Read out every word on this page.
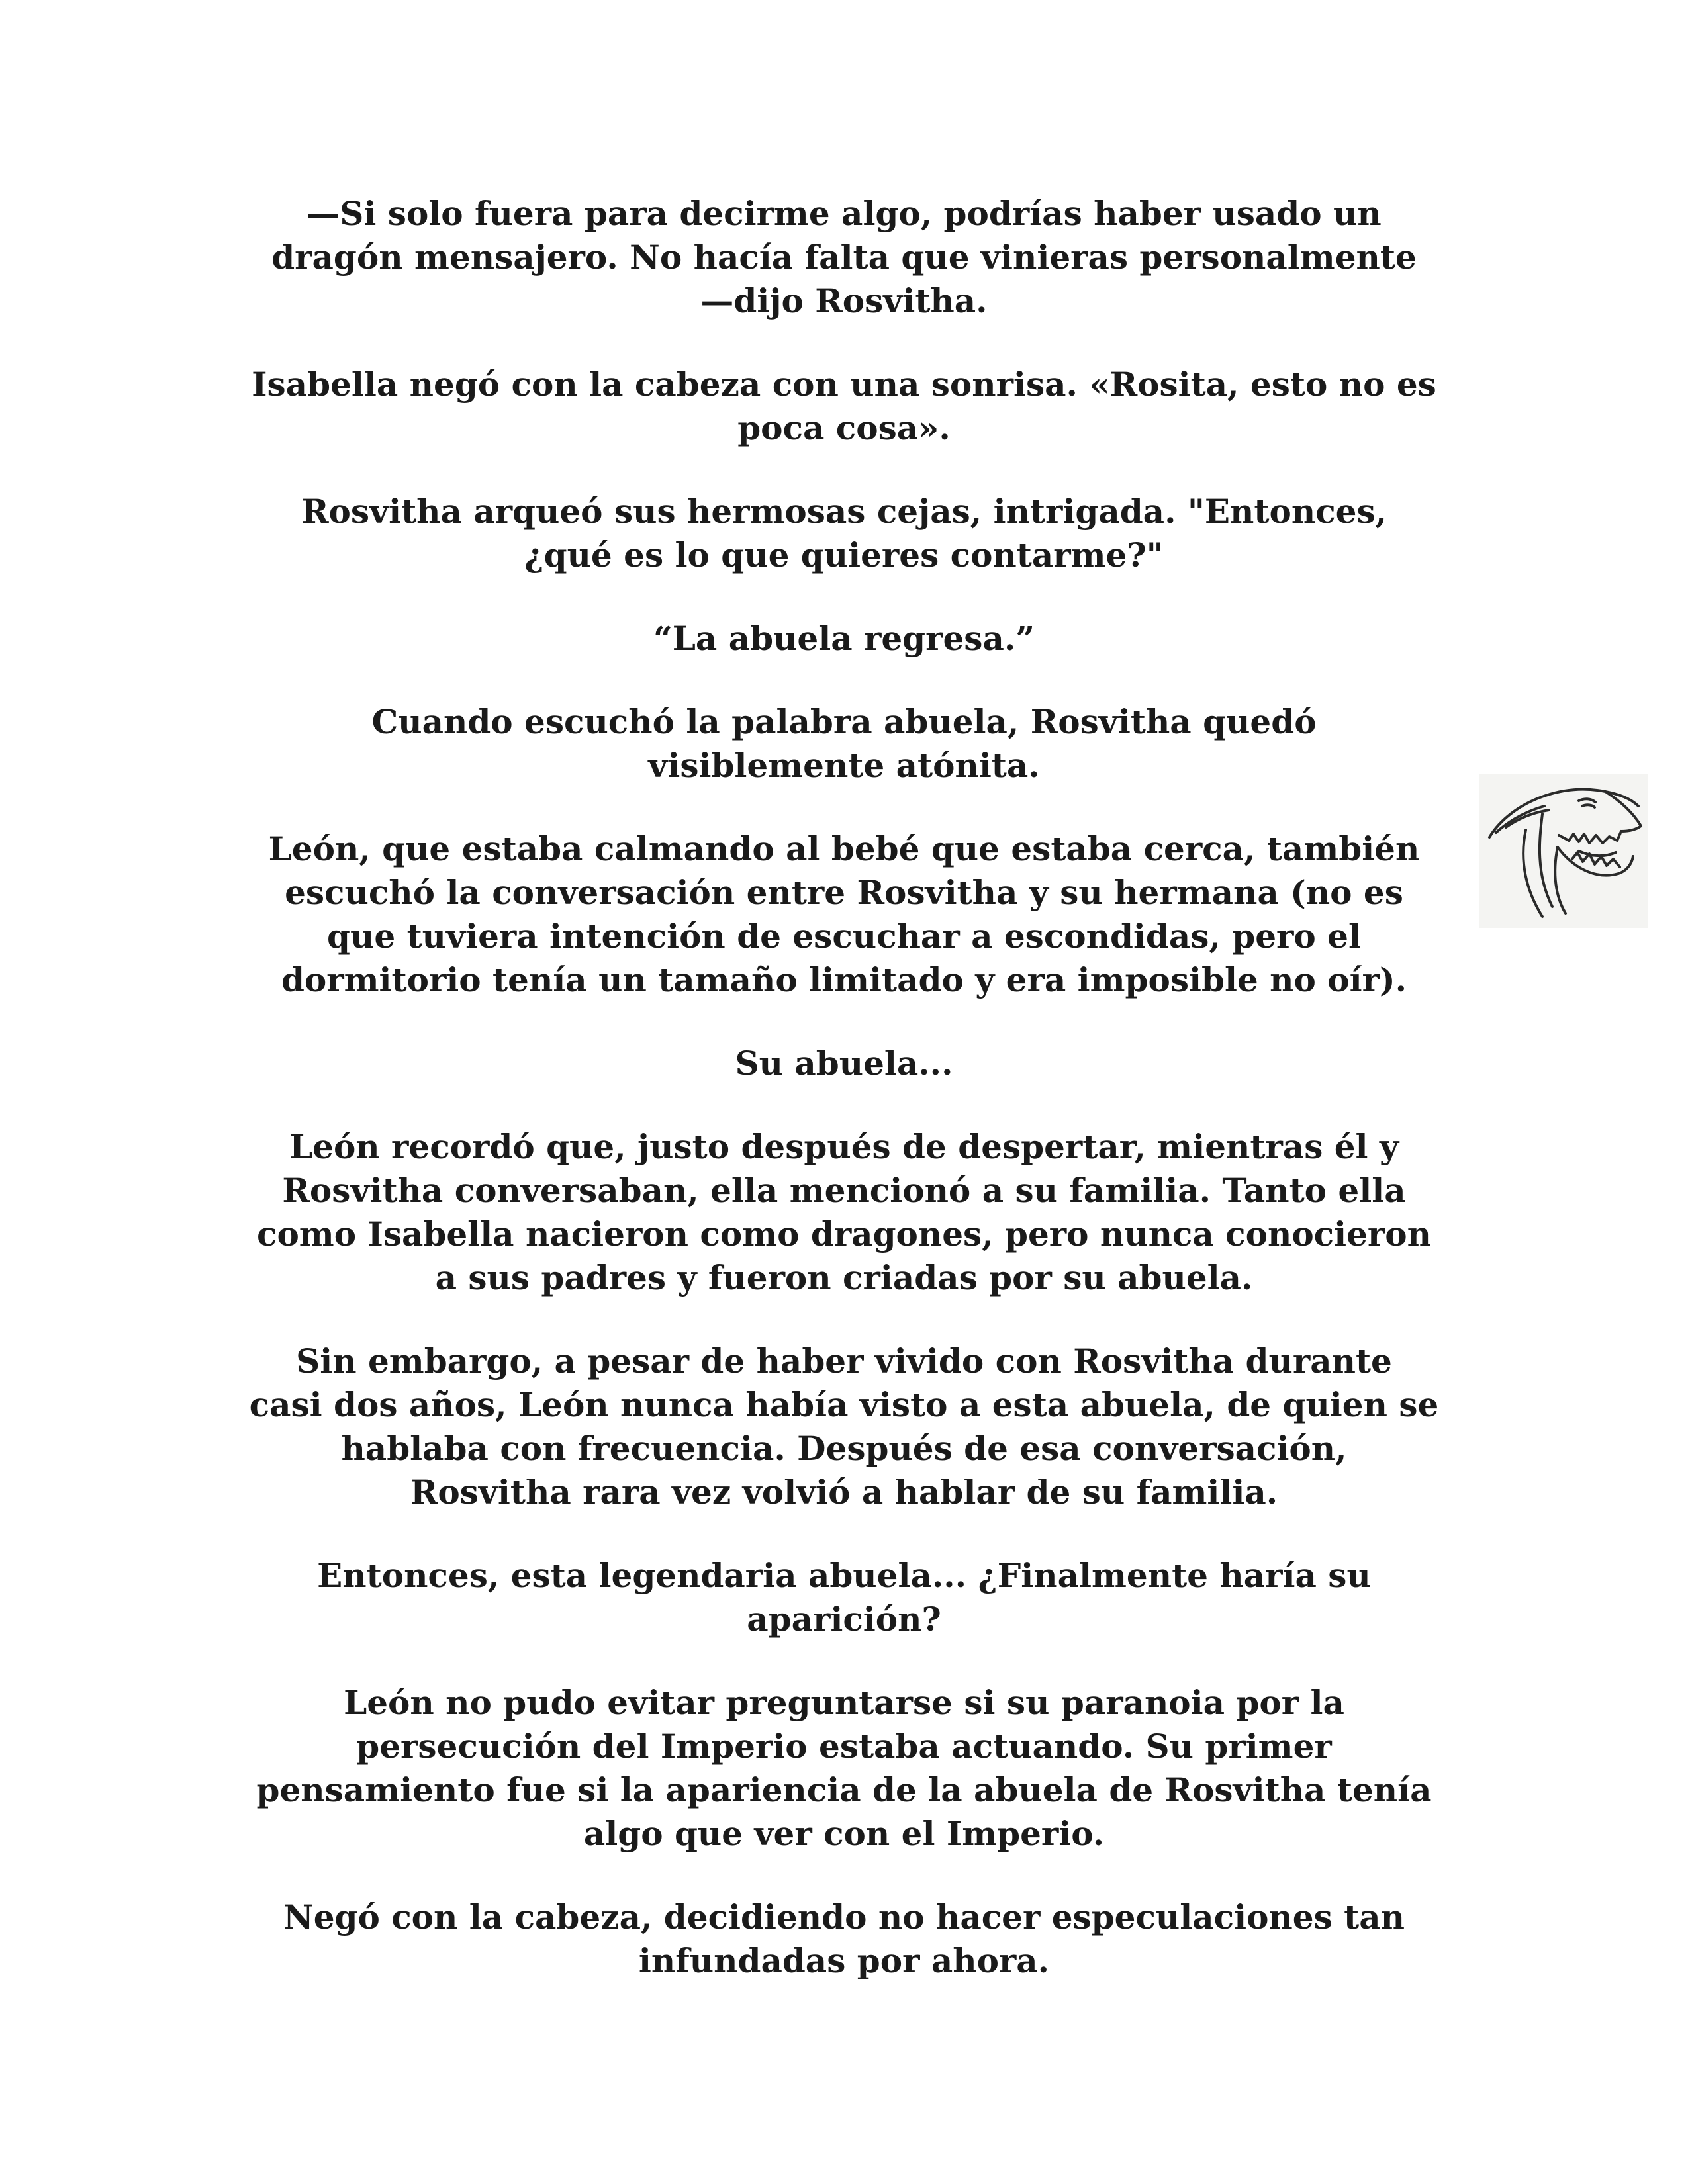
—Si solo fuera para decirme algo, podrías haber usado un
dragón mensajero. No hacía falta que vinieras personalmente
—dijo Rosvitha.

Isabella negó con la cabeza con una sonrisa. «Rosita, esto no es
poca cosa».

Rosvitha arqueó sus hermosas cejas, intrigada. "Entonces,
¿qué es lo que quieres contarme?"

“La abuela regresa.”

Cuando escuchó la palabra abuela, Rosvitha quedó
visiblemente atónita.

León, que estaba calmando al bebé que estaba cerca, también
escuchó la conversación entre Rosvitha y su hermana (no es
que tuviera intención de escuchar a escondidas, pero el
dormitorio tenía un tamaño limitado y era imposible no oír).

Su abuela...

León recordó que, justo después de despertar, mientras él y
Rosvitha conversaban, ella mencionó a su familia. Tanto ella
como Isabella nacieron como dragones, pero nunca conocieron
a sus padres y fueron criadas por su abuela.

Sin embargo, a pesar de haber vivido con Rosvitha durante
casi dos años, León nunca había visto a esta abuela, de quien se
hablaba con frecuencia. Después de esa conversación,
Rosvitha rara vez volvió a hablar de su familia.

Entonces, esta legendaria abuela... ¿Finalmente haría su
aparición?

León no pudo evitar preguntarse si su paranoia por la
persecución del Imperio estaba actuando. Su primer
pensamiento fue si la apariencia de la abuela de Rosvitha tenía
algo que ver con el Imperio.

Negó con la cabeza, decidiendo no hacer especulaciones tan
infundadas por ahora.
